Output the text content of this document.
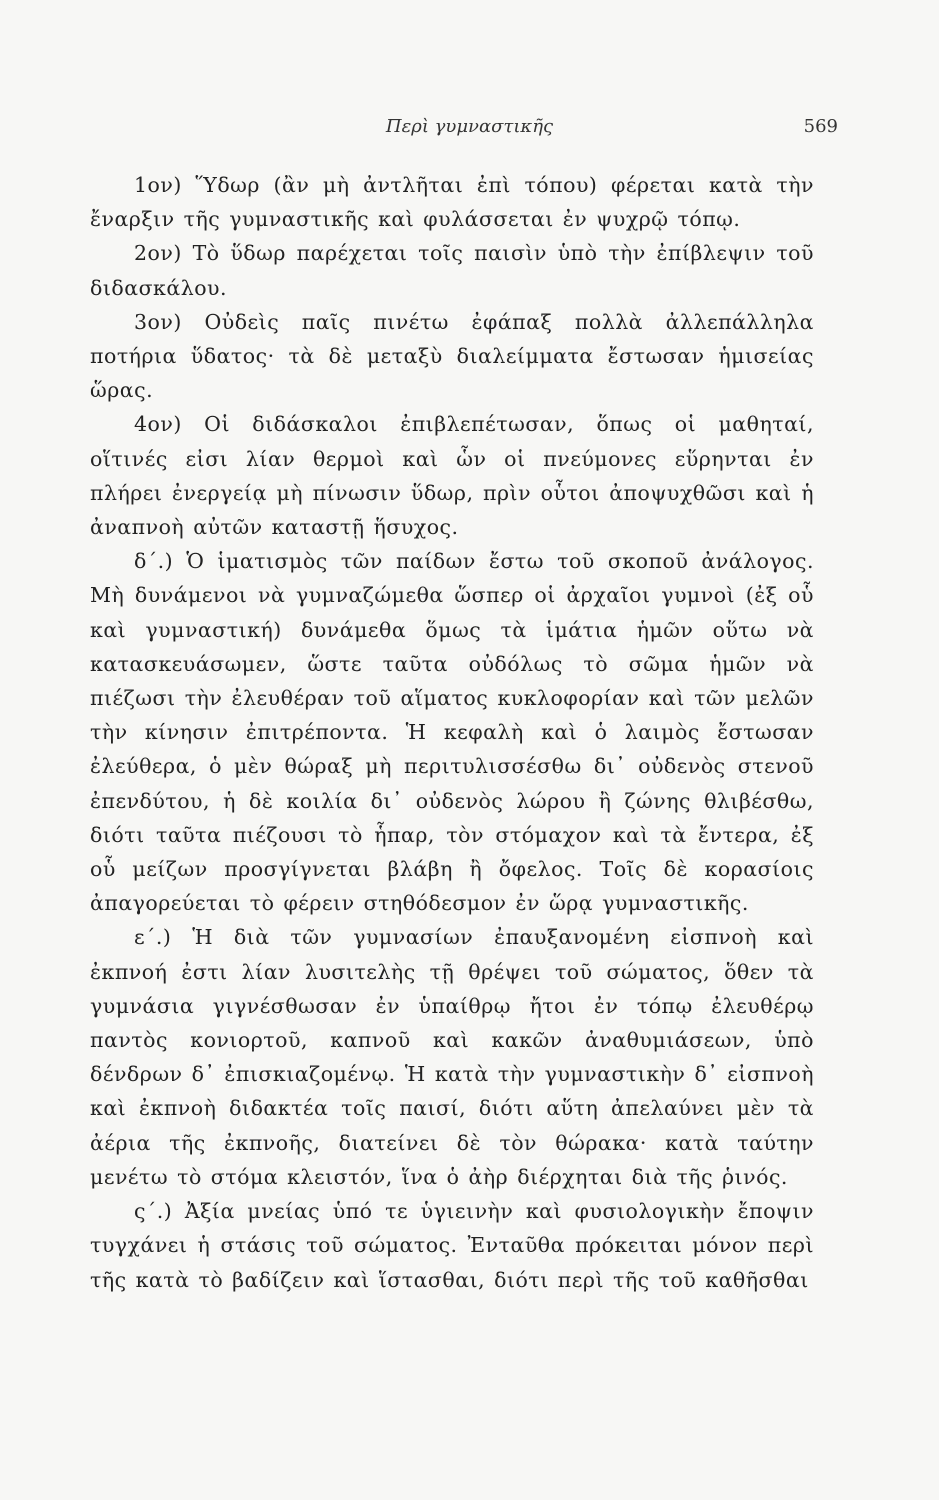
Περὶ γυμναστικῆς	569

1ον) Ὕδωρ (ἂν μὴ ἀντλῆται ἐπὶ τόπου) φέρεται κατὰ τὴν ἔναρξιν τῆς γυμναστικῆς καὶ φυλάσσεται ἐν ψυχρῷ τόπῳ.

2ον) Τὸ ὕδωρ παρέχεται τοῖς παισὶν ὑπὸ τὴν ἐπίβλεψιν τοῦ διδασκάλου.

3ον) Οὐδεὶς παῖς πινέτω ἐφάπαξ πολλὰ ἀλλεπάλληλα ποτήρια ὕδατος· τὰ δὲ μεταξὺ διαλείμματα ἔστωσαν ἡμισείας ὥρας.

4ον) Οἱ διδάσκαλοι ἐπιβλεπέτωσαν, ὅπως οἱ μαθηταί, οἵτινές εἰσι λίαν θερμοὶ καὶ ὧν οἱ πνεύμονες εὕρηνται ἐν πλήρει ἐνεργείᾳ μὴ πίνωσιν ὕδωρ, πρὶν οὗτοι ἀποψυχθῶσι καὶ ἡ ἀναπνοὴ αὐτῶν καταστῇ ἥσυχος.

δ΄.) Ὁ ἱματισμὸς τῶν παίδων ἔστω τοῦ σκοποῦ ἀνάλογος. Μὴ δυνάμενοι νὰ γυμναζώμεθα ὥσπερ οἱ ἀρχαῖοι γυμνοὶ (ἐξ οὗ καὶ γυμναστική) δυνάμεθα ὅμως τὰ ἱμάτια ἡμῶν οὕτω νὰ κατασκευάσωμεν, ὥστε ταῦτα οὐδόλως τὸ σῶμα ἡμῶν νὰ πιέζωσι τὴν ἐλευθέραν τοῦ αἵματος κυκλοφορίαν καὶ τῶν μελῶν τὴν κίνησιν ἐπιτρέποντα. Ἡ κεφαλὴ καὶ ὁ λαιμὸς ἔστωσαν ἐλεύθερα, ὁ μὲν θώραξ μὴ περιτυλισσέσθω δι᾽ οὐδενὸς στενοῦ ἐπενδύτου, ἡ δὲ κοιλία δι᾽ οὐδενὸς λώρου ἢ ζώνης θλιβέσθω, διότι ταῦτα πιέζουσι τὸ ἧπαρ, τὸν στόμαχον καὶ τὰ ἔντερα, ἐξ οὗ μείζων προσγίγνεται βλάβη ἢ ὄφελος. Τοῖς δὲ κορασίοις ἀπαγορεύεται τὸ φέρειν στηθόδεσμον ἐν ὥρᾳ γυμναστικῆς.

ε΄.) Ἡ διὰ τῶν γυμνασίων ἐπαυξανομένη εἰσπνοὴ καὶ ἐκπνοή ἐστι λίαν λυσιτελὴς τῇ θρέψει τοῦ σώματος, ὅθεν τὰ γυμνάσια γιγνέσθωσαν ἐν ὑπαίθρῳ ἤτοι ἐν τόπῳ ἐλευθέρῳ παντὸς κονιορτοῦ, καπνοῦ καὶ κακῶν ἀναθυμιάσεων, ὑπὸ δένδρων δ᾽ ἐπισκιαζομένῳ. Ἡ κατὰ τὴν γυμναστικὴν δ᾽ εἰσπνοὴ καὶ ἐκπνοὴ διδακτέα τοῖς παισί, διότι αὕτη ἀπελαύνει μὲν τὰ ἀέρια τῆς ἐκπνοῆς, διατείνει δὲ τὸν θώρακα· κατὰ ταύτην μενέτω τὸ στόμα κλειστόν, ἵνα ὁ ἀὴρ διέρχηται διὰ τῆς ῥινός.

ς΄.) Ἀξία μνείας ὑπό τε ὑγιεινὴν καὶ φυσιολογικὴν ἔποψιν τυγχάνει ἡ στάσις τοῦ σώματος. Ἐνταῦθα πρόκειται μόνον περὶ τῆς κατὰ τὸ βαδίζειν καὶ ἵστασθαι, διότι περὶ τῆς τοῦ καθῆσθαι
